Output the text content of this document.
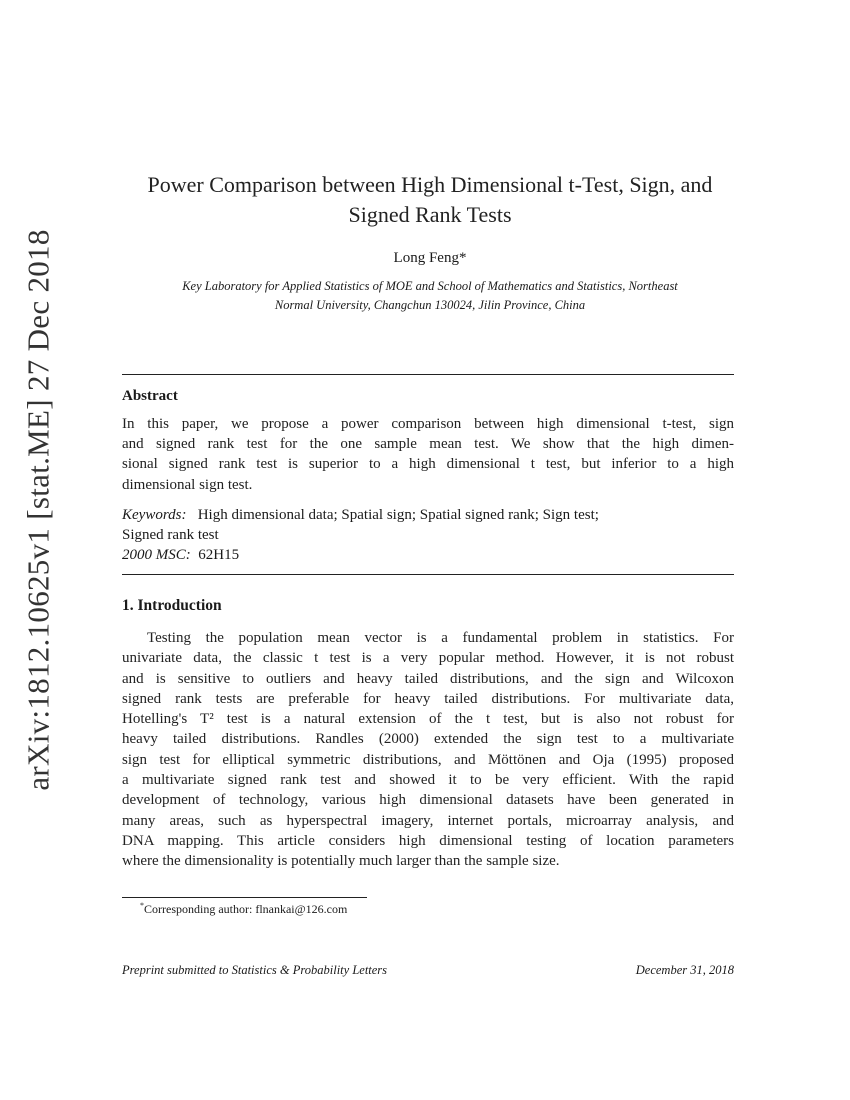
arXiv:1812.10625v1 [stat.ME] 27 Dec 2018
Power Comparison between High Dimensional t-Test, Sign, and
Signed Rank Tests
Long Feng*
Key Laboratory for Applied Statistics of MOE and School of Mathematics and Statistics, Northeast
Normal University, Changchun 130024, Jilin Province, China
Abstract
In this paper, we propose a power comparison between high dimensional t-test, sign
and signed rank test for the one sample mean test. We show that the high dimen-
sional signed rank test is superior to a high dimensional t test, but inferior to a high
dimensional sign test.
Keywords: High dimensional data; Spatial sign; Spatial signed rank; Sign test;
Signed rank test
2000 MSC: 62H15
1. Introduction
Testing the population mean vector is a fundamental problem in statistics. For
univariate data, the classic t test is a very popular method. However, it is not robust
and is sensitive to outliers and heavy tailed distributions, and the sign and Wilcoxon
signed rank tests are preferable for heavy tailed distributions. For multivariate data,
Hotelling's T² test is a natural extension of the t test, but is also not robust for
heavy tailed distributions. Randles (2000) extended the sign test to a multivariate
sign test for elliptical symmetric distributions, and Möttönen and Oja (1995) proposed
a multivariate signed rank test and showed it to be very efficient. With the rapid
development of technology, various high dimensional datasets have been generated in
many areas, such as hyperspectral imagery, internet portals, microarray analysis, and
DNA mapping. This article considers high dimensional testing of location parameters
where the dimensionality is potentially much larger than the sample size.
*Corresponding author: flnankai@126.com
Preprint submitted to Statistics & Probability Letters	December 31, 2018
